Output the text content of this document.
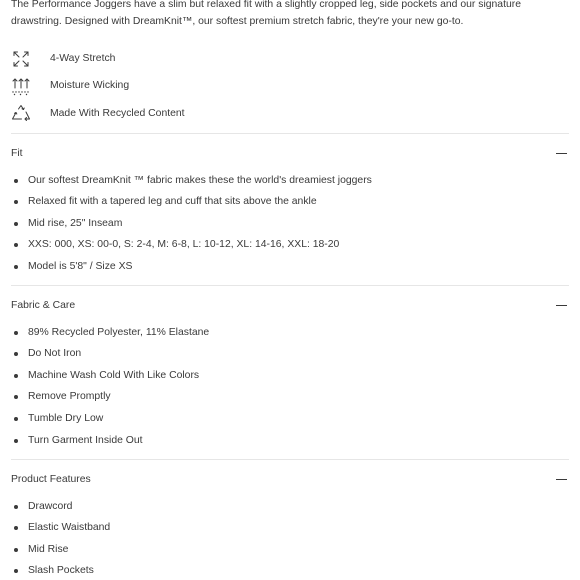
The Performance Joggers have a slim but relaxed fit with a slightly cropped leg, side pockets and our signature drawstring. Designed with DreamKnit™, our softest premium stretch fabric, they're your new go-to.

4-Way Stretch
Moisture Wicking
Made With Recycled Content
Fit
Our softest DreamKnit ™ fabric makes these the world's dreamiest joggers
Relaxed fit with a tapered leg and cuff that sits above the ankle
Mid rise, 25" Inseam
XXS: 000, XS: 00-0, S: 2-4, M: 6-8, L: 10-12, XL: 14-16, XXL: 18-20
Model is 5'8" / Size XS
Fabric & Care
89% Recycled Polyester, 11% Elastane
Do Not Iron
Machine Wash Cold With Like Colors
Remove Promptly
Tumble Dry Low
Turn Garment Inside Out
Product Features
Drawcord
Elastic Waistband
Mid Rise
Slash Pockets
